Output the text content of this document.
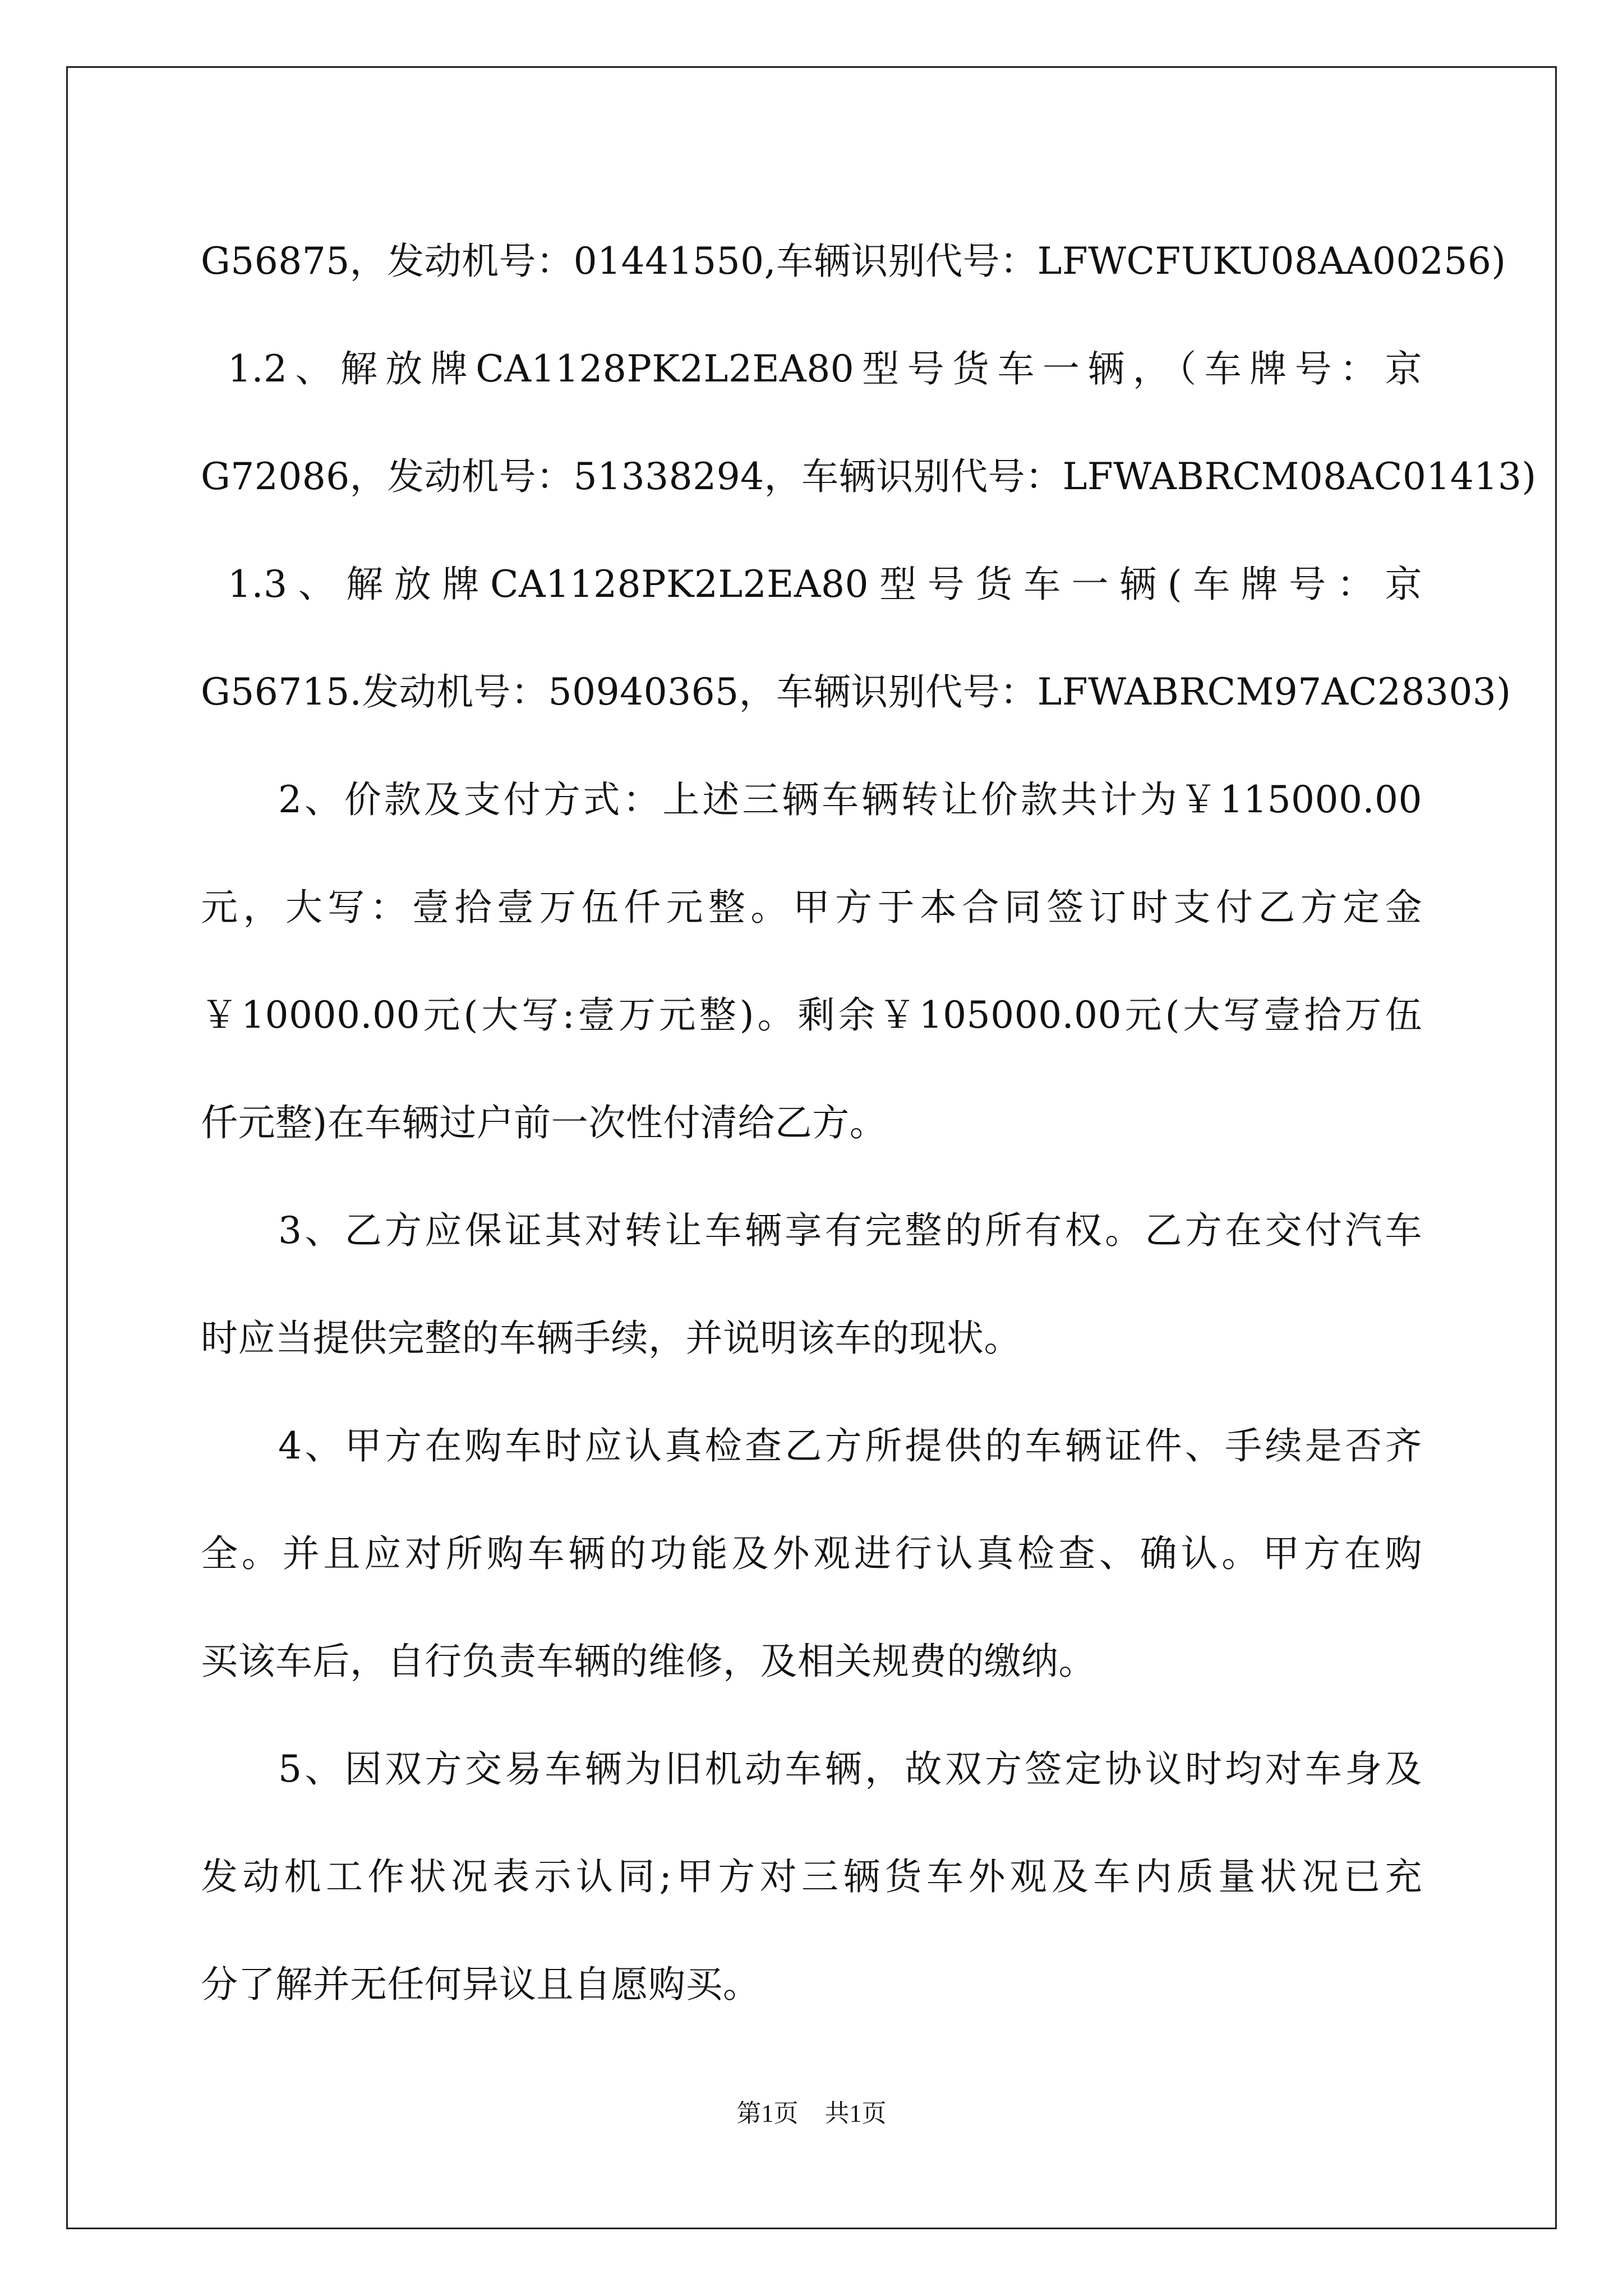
G56875，发动机号：01441550,车辆识别代号：LFWCFUKU08AA00256)
1.2、解放牌CA1128PK2L2EA80型号货车一辆，（车牌号：京
G72086，发动机号：51338294，车辆识别代号：LFWABRCM08AC01413)
1.3、解放牌CA1128PK2L2EA80型号货车一辆(车牌号：京
G56715.发动机号：50940365，车辆识别代号：LFWABRCM97AC28303)
2、价款及支付方式：上述三辆车辆转让价款共计为￥115000.00
元，大写：壹拾壹万伍仟元整。甲方于本合同签订时支付乙方定金
￥10000.00元(大写:壹万元整)。剩余￥105000.00元(大写壹拾万伍
仟元整)在车辆过户前一次性付清给乙方。
3、乙方应保证其对转让车辆享有完整的所有权。乙方在交付汽车
时应当提供完整的车辆手续，并说明该车的现状。
4、甲方在购车时应认真检查乙方所提供的车辆证件、手续是否齐
全。并且应对所购车辆的功能及外观进行认真检查、确认。甲方在购
买该车后，自行负责车辆的维修，及相关规费的缴纳。
5、因双方交易车辆为旧机动车辆，故双方签定协议时均对车身及
发动机工作状况表示认同;甲方对三辆货车外观及车内质量状况已充
分了解并无任何异议且自愿购买。
第1页 共1页
